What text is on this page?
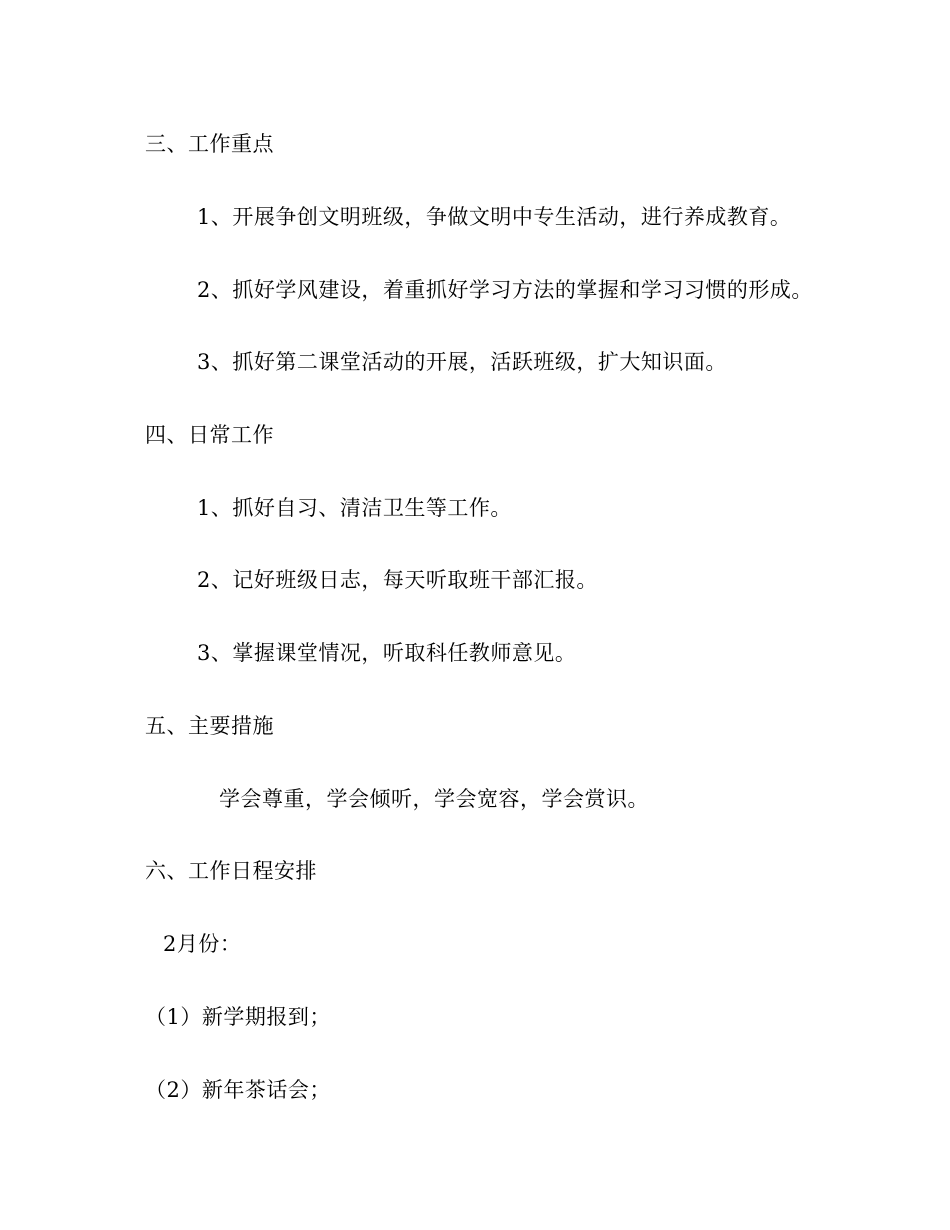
三、工作重点
1、开展争创文明班级，争做文明中专生活动，进行养成教育。
2、抓好学风建设，着重抓好学习方法的掌握和学习习惯的形成。
3、抓好第二课堂活动的开展，活跃班级，扩大知识面。
四、日常工作
1、抓好自习、清洁卫生等工作。
2、记好班级日志，每天听取班干部汇报。
3、掌握课堂情况，听取科任教师意见。
五、主要措施
学会尊重，学会倾听，学会宽容，学会赏识。
六、工作日程安排
2月份：
（1）新学期报到；
（2）新年茶话会；
